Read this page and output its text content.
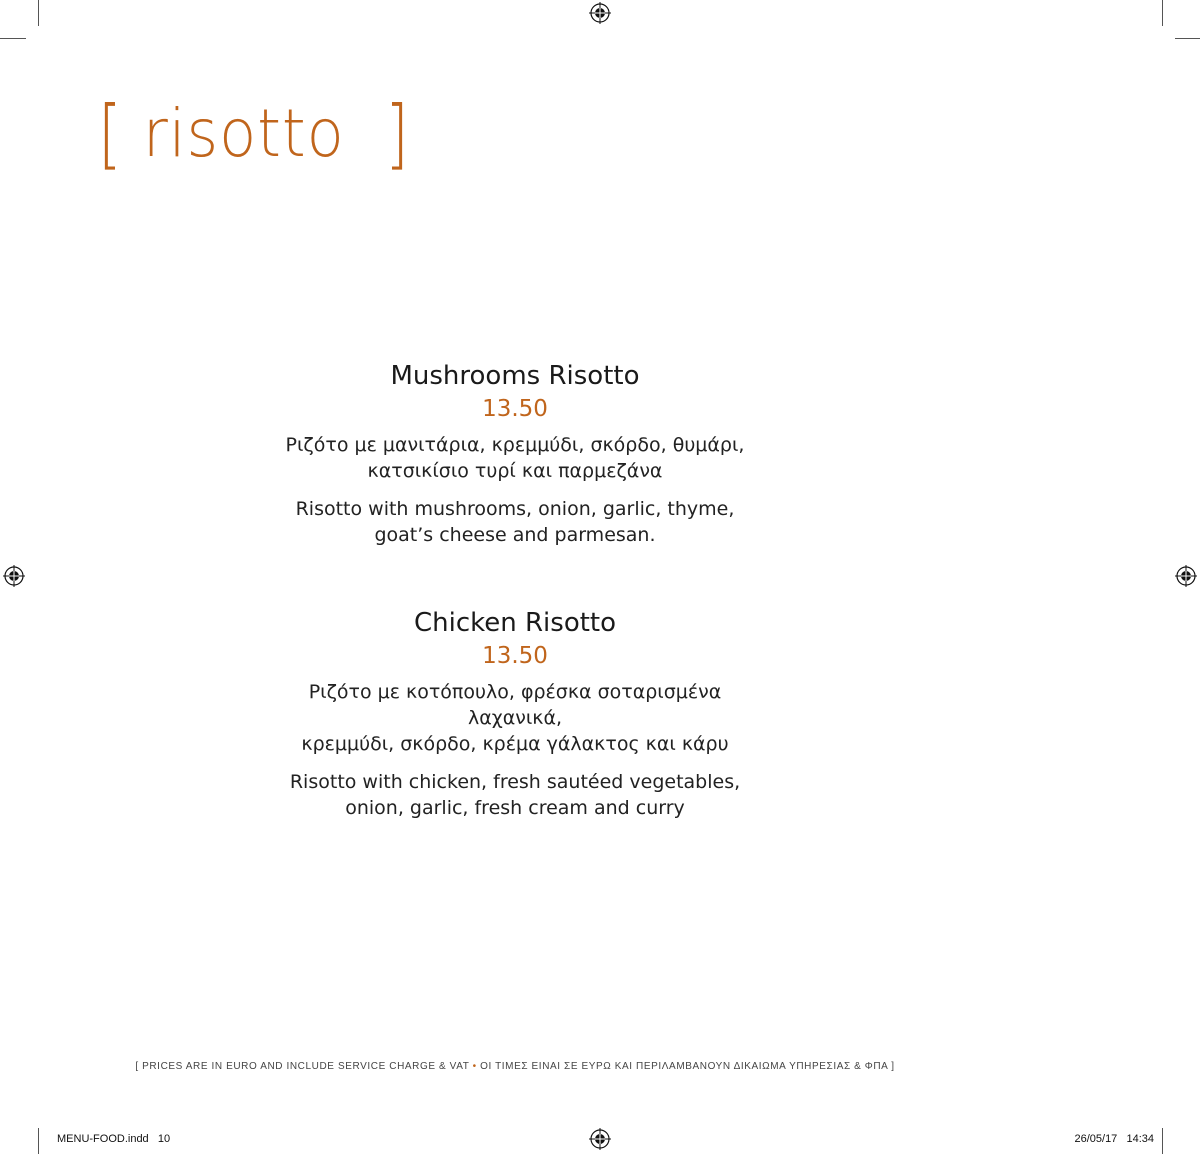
[ risotto ]

Mushrooms Risotto

13.50

Ριζότο με μανιτάρια, κρεμμύδι, σκόρδο, θυμάρι,
κατσικίσιο τυρί και παρμεζάνα

Risotto with mushrooms, onion, garlic, thyme,
goat’s cheese and parmesan.

Chicken Risotto

13.50

Ριζότο με κοτόπουλο, φρέσκα σοταρισμένα λαχανικά,
κρεμμύδι, σκόρδο, κρέμα γάλακτος και κάρυ

Risotto with chicken, fresh sautéed vegetables,
onion, garlic, fresh cream and curry

[ PRICES ARE IN EURO AND INCLUDE SERVICE CHARGE & VAT • ΟΙ ΤΙΜΕΣ ΕΙΝΑΙ ΣΕ ΕΥΡΩ ΚΑΙ ΠΕΡΙΛΑΜΒΑΝΟΥΝ ΔΙΚΑΙΩΜΑ ΥΠΗΡΕΣΙΑΣ & ΦΠΑ ]
MENU-FOOD.indd   10	26/05/17   14:34
